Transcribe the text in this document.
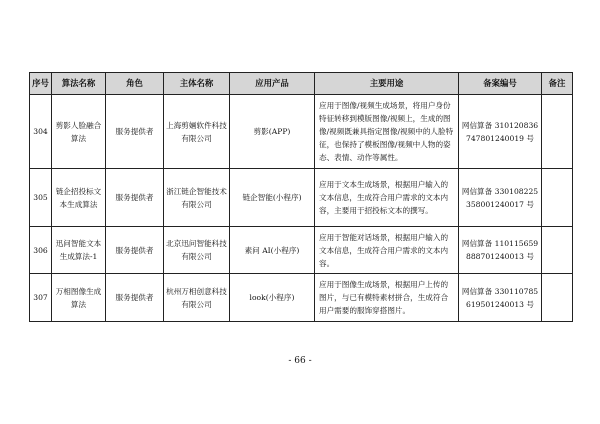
序号	算法名称	角色	主体名称	应用产品	主要用途	备案编号	备注
304	剪影人脸融合算法	服务提供者	上海剪婳软件科技有限公司	剪影(APP)	应用于图像/视频生成场景，将用户身份特征转移到模版图像/视频上，生成的图像/视频既兼具指定图像/视频中的人脸特征，也保持了模板图像/视频中人物的姿态、表情、动作等属性。	网信算备 310120836747801240019 号	
305	链企招投标文本生成算法	服务提供者	浙江链企智能技术有限公司	链企智能(小程序)	应用于文本生成场景，根据用户输入的文本信息，生成符合用户需求的文本内容，主要用于招投标文本的撰写。	网信算备 330108225358001240017 号	
306	迅问智能文本生成算法-1	服务提供者	北京迅问智能科技有限公司	素问 AI(小程序)	应用于智能对话场景，根据用户输入的文本信息，生成符合用户需求的文本内容。	网信算备 110115659888701240013 号	
307	万相图像生成算法	服务提供者	杭州万相创意科技有限公司	look(小程序)	应用于图像生成场景，根据用户上传的图片，与已有模特素材拼合，生成符合用户需要的服饰穿搭图片。	网信算备 330110785619501240013 号	
- 66 -
